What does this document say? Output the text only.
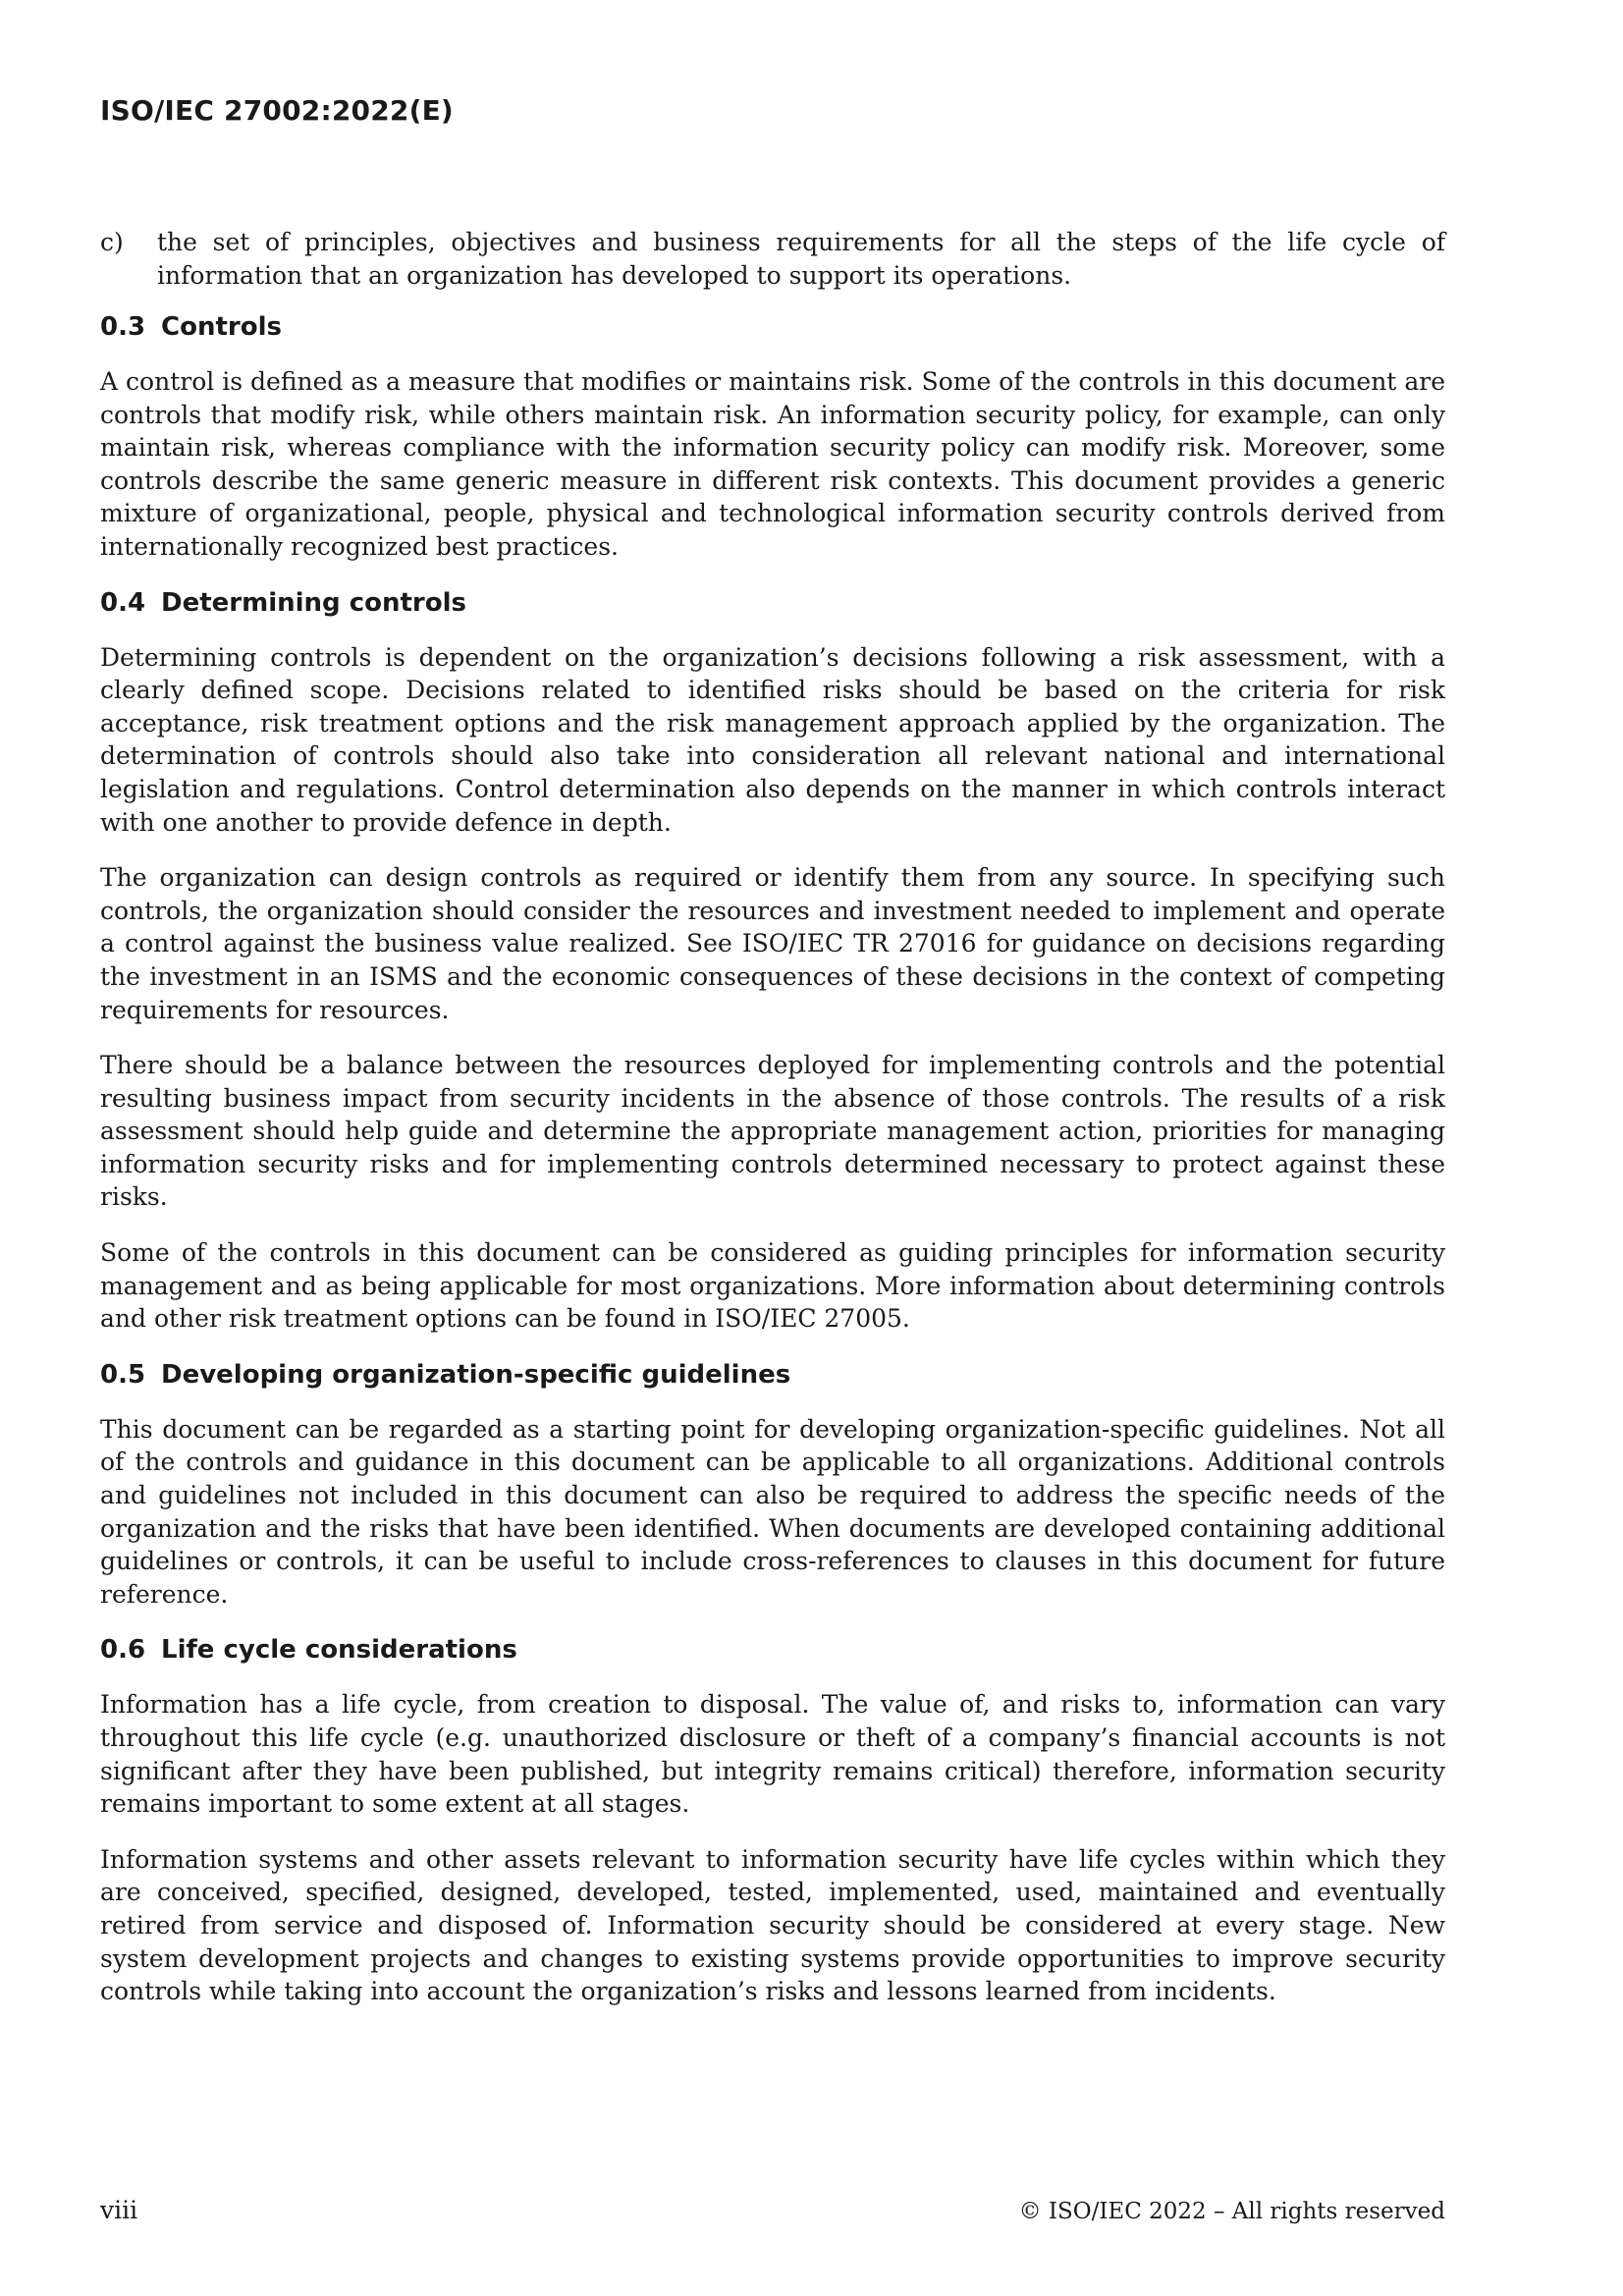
ISO/IEC 27002:2022(E)
c)	the set of principles, objectives and business requirements for all the steps of the life cycle of information that an organization has developed to support its operations.
0.3 Controls

A control is defined as a measure that modifies or maintains risk. Some of the controls in this document are controls that modify risk, while others maintain risk. An information security policy, for example, can only maintain risk, whereas compliance with the information security policy can modify risk. Moreover, some controls describe the same generic measure in different risk contexts. This document provides a generic mixture of organizational, people, physical and technological information security controls derived from internationally recognized best practices.

0.4 Determining controls

Determining controls is dependent on the organization’s decisions following a risk assessment, with a clearly defined scope. Decisions related to identified risks should be based on the criteria for risk acceptance, risk treatment options and the risk management approach applied by the organization. The determination of controls should also take into consideration all relevant national and international legislation and regulations. Control determination also depends on the manner in which controls interact with one another to provide defence in depth.

The organization can design controls as required or identify them from any source. In specifying such controls, the organization should consider the resources and investment needed to implement and operate a control against the business value realized. See ISO/IEC TR 27016 for guidance on decisions regarding the investment in an ISMS and the economic consequences of these decisions in the context of competing requirements for resources.

There should be a balance between the resources deployed for implementing controls and the potential resulting business impact from security incidents in the absence of those controls. The results of a risk assessment should help guide and determine the appropriate management action, priorities for managing information security risks and for implementing controls determined necessary to protect against these risks.

Some of the controls in this document can be considered as guiding principles for information security management and as being applicable for most organizations. More information about determining controls and other risk treatment options can be found in ISO/IEC 27005.

0.5 Developing organization-specific guidelines

This document can be regarded as a starting point for developing organization-specific guidelines. Not all of the controls and guidance in this document can be applicable to all organizations. Additional controls and guidelines not included in this document can also be required to address the specific needs of the organization and the risks that have been identified. When documents are developed containing additional guidelines or controls, it can be useful to include cross-references to clauses in this document for future reference.

0.6 Life cycle considerations

Information has a life cycle, from creation to disposal. The value of, and risks to, information can vary throughout this life cycle (e.g. unauthorized disclosure or theft of a company’s financial accounts is not significant after they have been published, but integrity remains critical) therefore, information security remains important to some extent at all stages.

Information systems and other assets relevant to information security have life cycles within which they are conceived, specified, designed, developed, tested, implemented, used, maintained and eventually retired from service and disposed of. Information security should be considered at every stage. New system development projects and changes to existing systems provide opportunities to improve security controls while taking into account the organization’s risks and lessons learned from incidents.

viii	© ISO/IEC 2022 – All rights reserved
